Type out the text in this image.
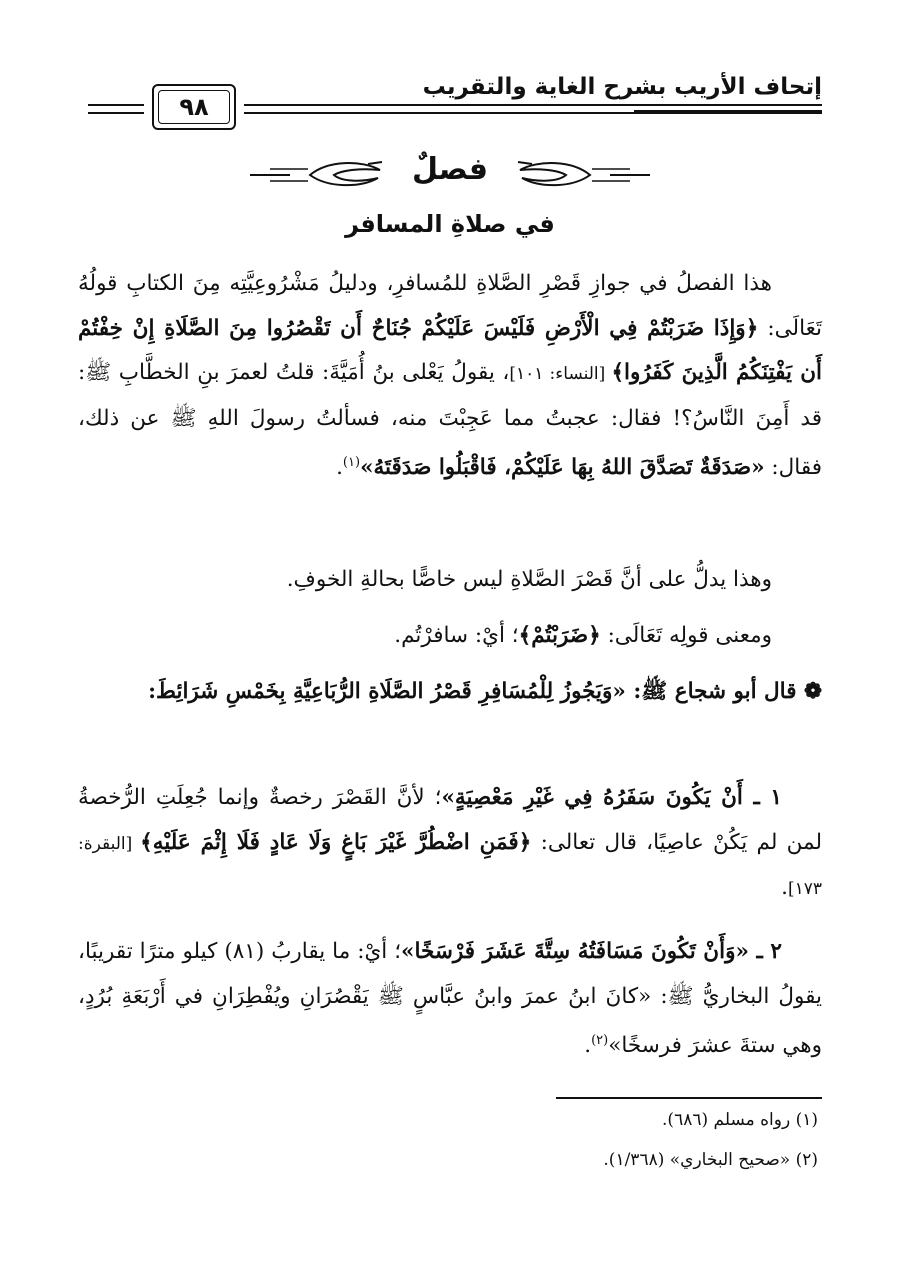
إتحاف الأريب بشرح الغاية والتقريب
٩٨
فصلٌ
في صلاةِ المسافر
هذا الفصلُ في جوازِ قَصْرِ الصَّلاةِ للمُسافرِ، ودليلُ مَشْرُوعِيَّتِه مِنَ الكتابِ قولُهُ تَعَالَى: ﴿وَإِذَا ضَرَبْتُمْ فِي الْأَرْضِ فَلَيْسَ عَلَيْكُمْ جُنَاحٌ أَن تَقْصُرُوا مِنَ الصَّلَاةِ إِنْ خِفْتُمْ أَن يَفْتِنَكُمُ الَّذِينَ كَفَرُوا﴾ [النساء: ١٠١]، يقولُ يَعْلى بنُ أُمَيَّةَ: قلتُ لعمرَ بنِ الخطَّابِ ﷺ: قد أَمِنَ النَّاسُ؟! فقال: عجبتُ مما عَجِبْتَ منه، فسألتُ رسولَ اللهِ ﷺ عن ذلك، فقال: «صَدَقَةٌ تَصَدَّقَ اللهُ بِهَا عَلَيْكُمْ، فَاقْبَلُوا صَدَقَتَهُ»$^{(١)}$.
وهذا يدلُّ على أنَّ قَصْرَ الصَّلاةِ ليس خاصًّا بحالةِ الخوفِ.
ومعنى قولِه تَعَالَى: ﴿ضَرَبْتُمْ﴾؛ أيْ: سافرْتُم.
❁ قال أبو شجاع ﷺ: «وَيَجُوزُ لِلْمُسَافِرِ قَصْرُ الصَّلَاةِ الرُّبَاعِيَّةِ بِخَمْسِ شَرَائِطَ:
١ ـ أَنْ يَكُونَ سَفَرُهُ فِي غَيْرِ مَعْصِيَةٍ»؛ لأنَّ القَصْرَ رخصةٌ وإنما جُعِلَتِ الرُّخصةُ لمن لم يَكُنْ عاصِيًا، قال تعالى: ﴿فَمَنِ اضْطُرَّ غَيْرَ بَاغٍ وَلَا عَادٍ فَلَا إِثْمَ عَلَيْهِ﴾ [البقرة: ١٧٣].
٢ ـ «وَأَنْ تَكُونَ مَسَافَتُهُ سِتَّةَ عَشَرَ فَرْسَخًا»؛ أيْ: ما يقاربُ (٨١) كيلو مترًا تقريبًا، يقولُ البخاريُّ ﷺ: «كانَ ابنُ عمرَ وابنُ عبَّاسٍ ﷺ يَقْصُرَانِ ويُفْطِرَانِ في أَرْبَعَةِ بُرُدٍ، وهي ستةَ عشرَ فرسخًا»$^{(٢)}$.
(١) رواه مسلم (٦٨٦).
(٢) «صحيح البخاري» (١/٣٦٨).
